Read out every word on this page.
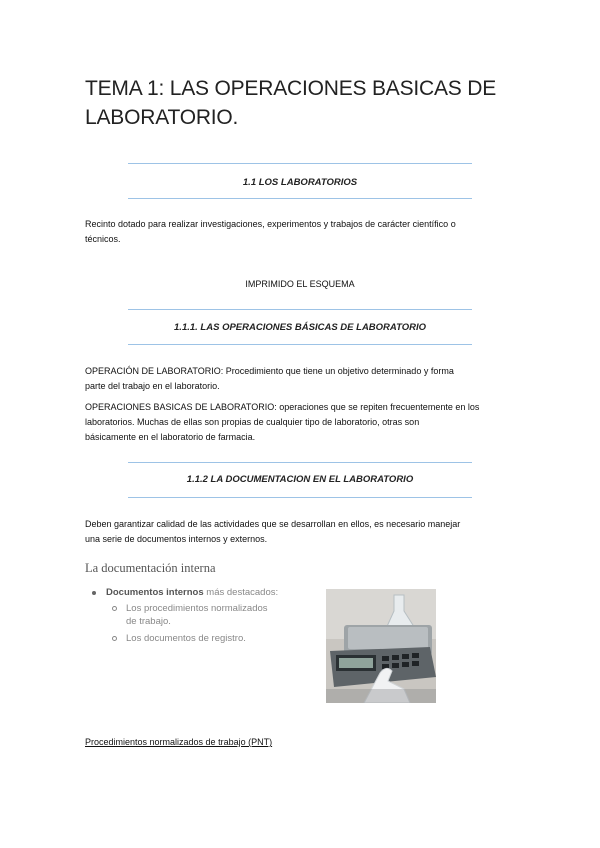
TEMA 1: LAS OPERACIONES BASICAS DE
LABORATORIO.
1.1 LOS LABORATORIOS
Recinto dotado para realizar investigaciones, experimentos y trabajos de carácter científico o
técnicos.
IMPRIMIDO EL ESQUEMA
1.1.1. LAS OPERACIONES BÁSICAS DE LABORATORIO
OPERACIÓN DE LABORATORIO: Procedimiento que tiene un objetivo determinado y forma
parte del trabajo en el laboratorio.
OPERACIONES BASICAS DE LABORATORIO: operaciones que se repiten frecuentemente en los
laboratorios. Muchas de ellas son propias de cualquier tipo de laboratorio, otras son
básicamente en el laboratorio de farmacia.
1.1.2 LA DOCUMENTACION EN EL LABORATORIO
Deben garantizar calidad de las actividades que se desarrollan en ellos, es necesario manejar
una serie de documentos internos y externos.
La documentación interna
Documentos internos más destacados:
Los procedimientos normalizados
de trabajo.
Los documentos de registro.
Procedimientos normalizados de trabajo (PNT)
